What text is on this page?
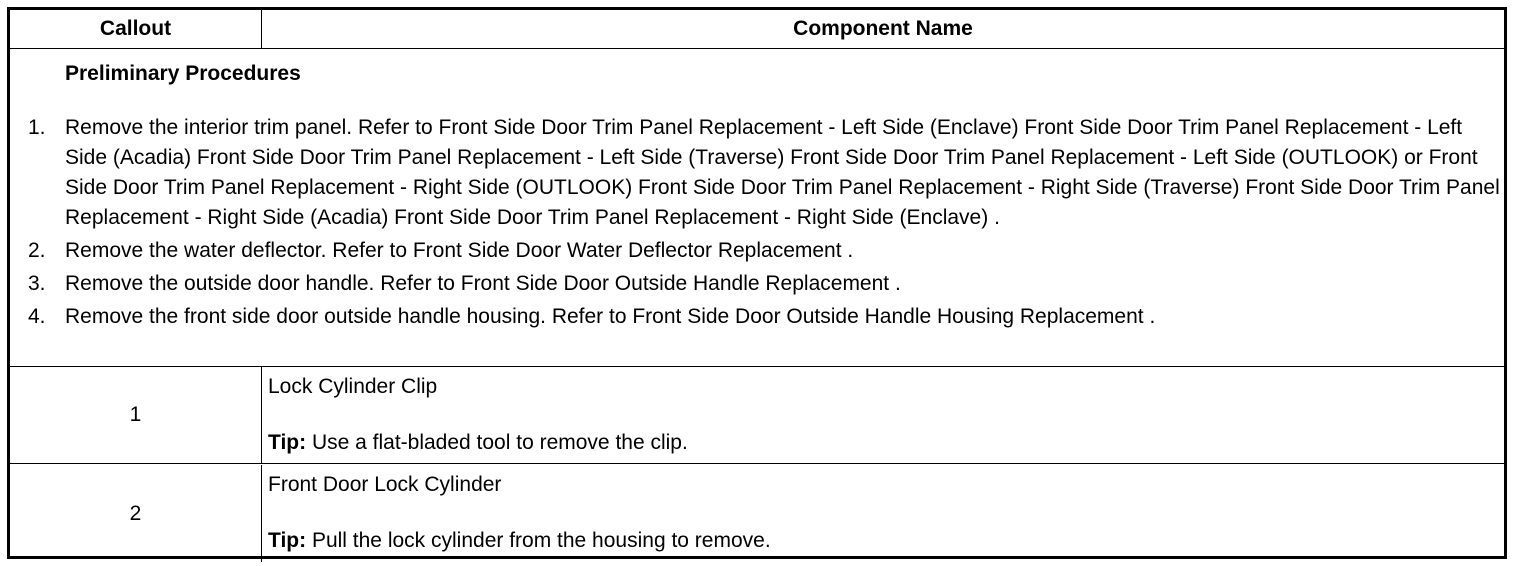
Callout	Component Name
Preliminary Procedures
1. Remove the interior trim panel. Refer to Front Side Door Trim Panel Replacement - Left Side (Enclave) Front Side Door Trim Panel Replacement - Left Side (Acadia) Front Side Door Trim Panel Replacement - Left Side (Traverse) Front Side Door Trim Panel Replacement - Left Side (OUTLOOK) or Front Side Door Trim Panel Replacement - Right Side (OUTLOOK) Front Side Door Trim Panel Replacement - Right Side (Traverse) Front Side Door Trim Panel Replacement - Right Side (Acadia) Front Side Door Trim Panel Replacement - Right Side (Enclave) .
2. Remove the water deflector. Refer to Front Side Door Water Deflector Replacement .
3. Remove the outside door handle. Refer to Front Side Door Outside Handle Replacement .
4. Remove the front side door outside handle housing. Refer to Front Side Door Outside Handle Housing Replacement .
1
Lock Cylinder Clip
Tip: Use a flat-bladed tool to remove the clip.
2
Front Door Lock Cylinder
Tip: Pull the lock cylinder from the housing to remove.
